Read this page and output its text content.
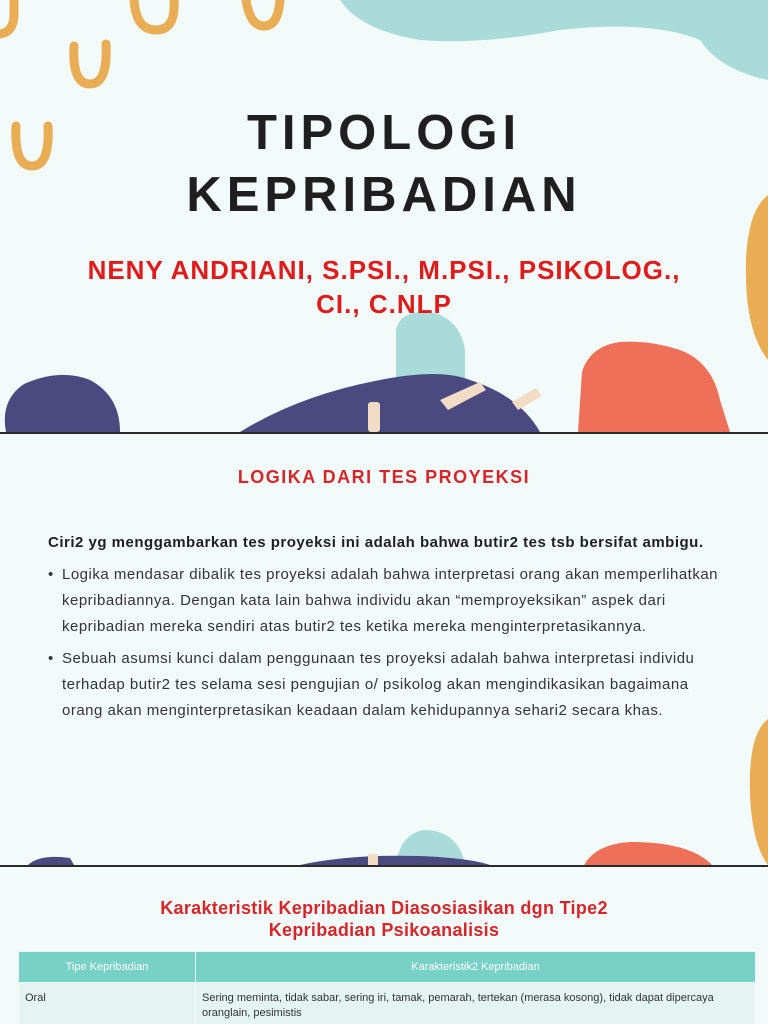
TIPOLOGI
KEPRIBADIAN
NENY ANDRIANI, S.PSI., M.PSI., PSIKOLOG.,
CI., C.NLP
LOGIKA DARI TES PROYEKSI
Ciri2 yg menggambarkan tes proyeksi ini adalah bahwa butir2 tes tsb bersifat ambigu.
• Logika mendasar dibalik tes proyeksi adalah bahwa interpretasi orang akan memperlihatkan kepribadiannya. Dengan kata lain bahwa individu akan “memproyeksikan” aspek dari kepribadian mereka sendiri atas butir2 tes ketika mereka menginterpretasikannya.
• Sebuah asumsi kunci dalam penggunaan tes proyeksi adalah bahwa interpretasi individu terhadap butir2 tes selama sesi pengujian o/ psikolog akan mengindikasikan bagaimana orang akan menginterpretasikan keadaan dalam kehidupannya sehari2 secara khas.
Karakteristik Kepribadian Diasosiasikan dgn Tipe2
Kepribadian Psikoanalisis
Tipe Kepribadian	Karakteristik2 Kepribadian
Oral	Sering meminta, tidak sabar, sering iri, tamak, pemarah, tertekan (merasa kosong), tidak dapat dipercaya oranglain, pesimistis
